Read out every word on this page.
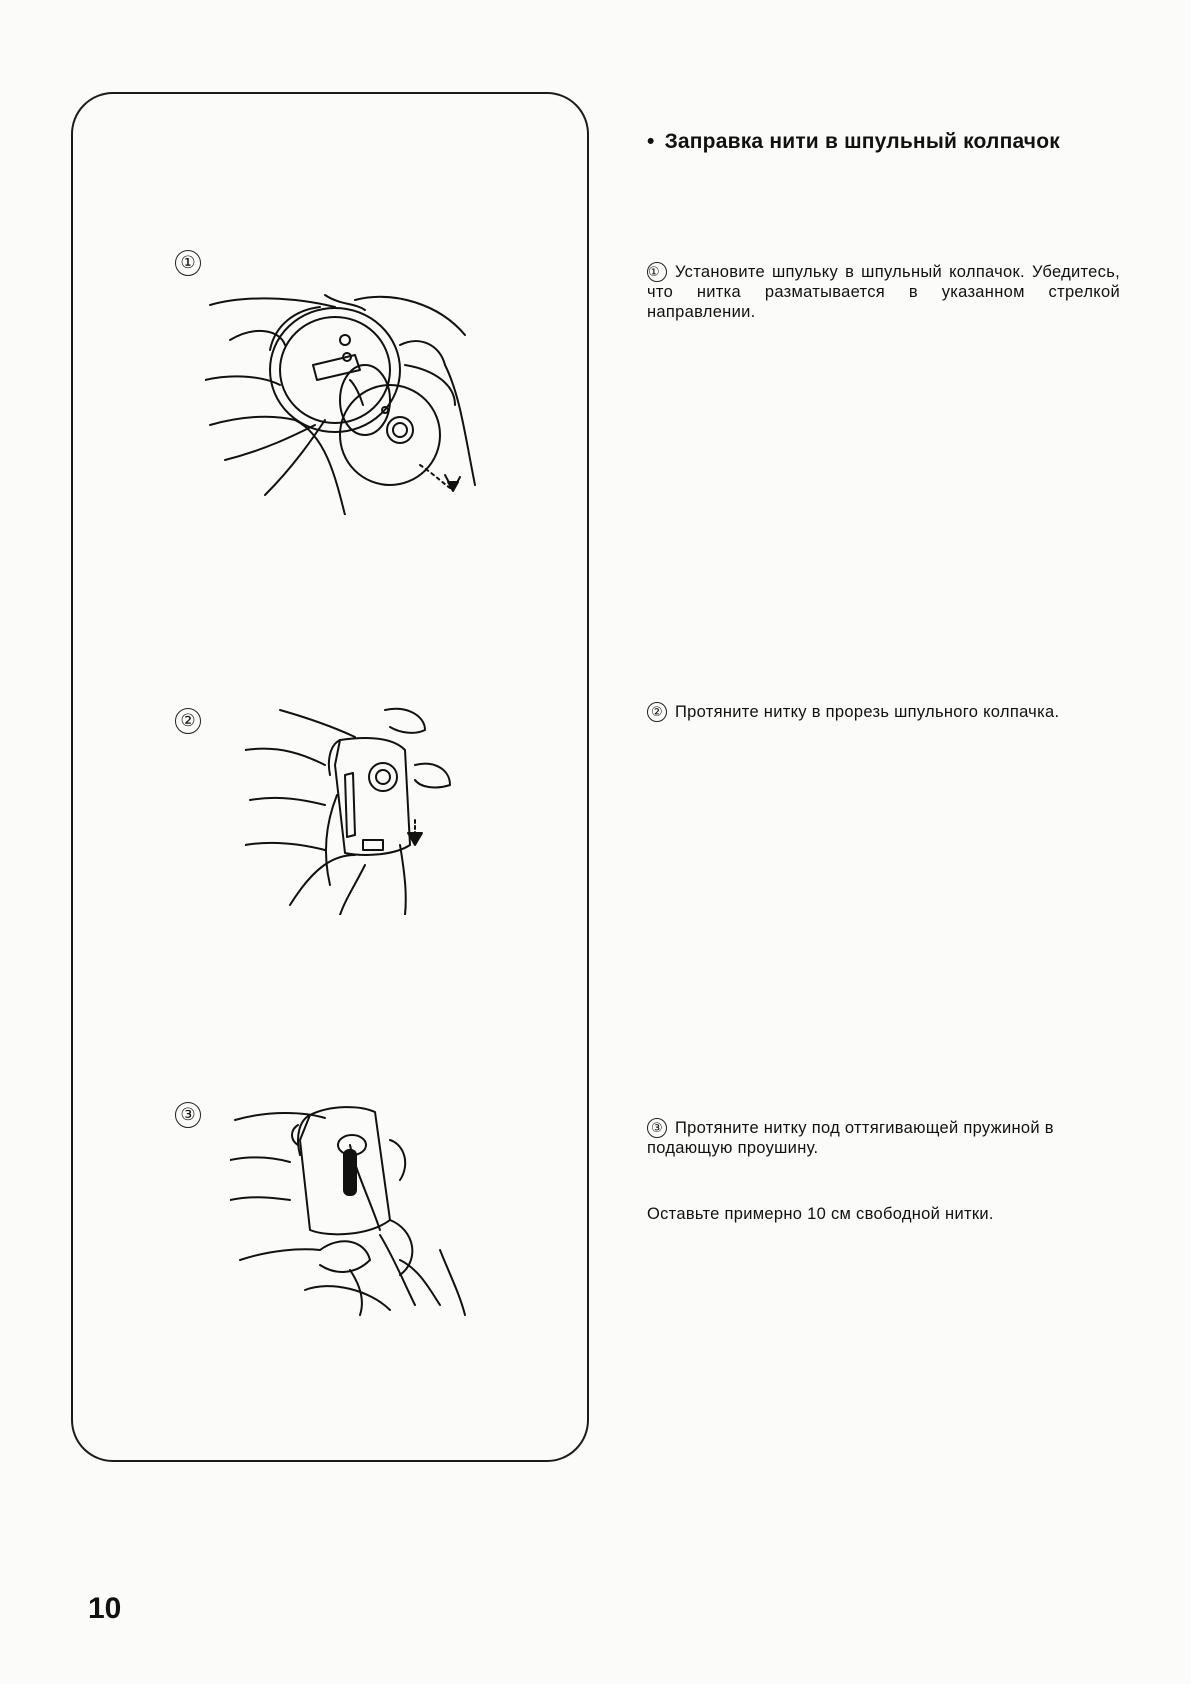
①
②
③
• Заправка нити в шпульный колпачок
① Установите шпульку в шпульный колпачок. Убедитесь, что нитка разматывается в указанном стрелкой направлении.
② Протяните нитку в прорезь шпульного колпачка.
③ Протяните нитку под оттягивающей пружиной в подающую проушину.
Оставьте примерно 10 см свободной нитки.
10
